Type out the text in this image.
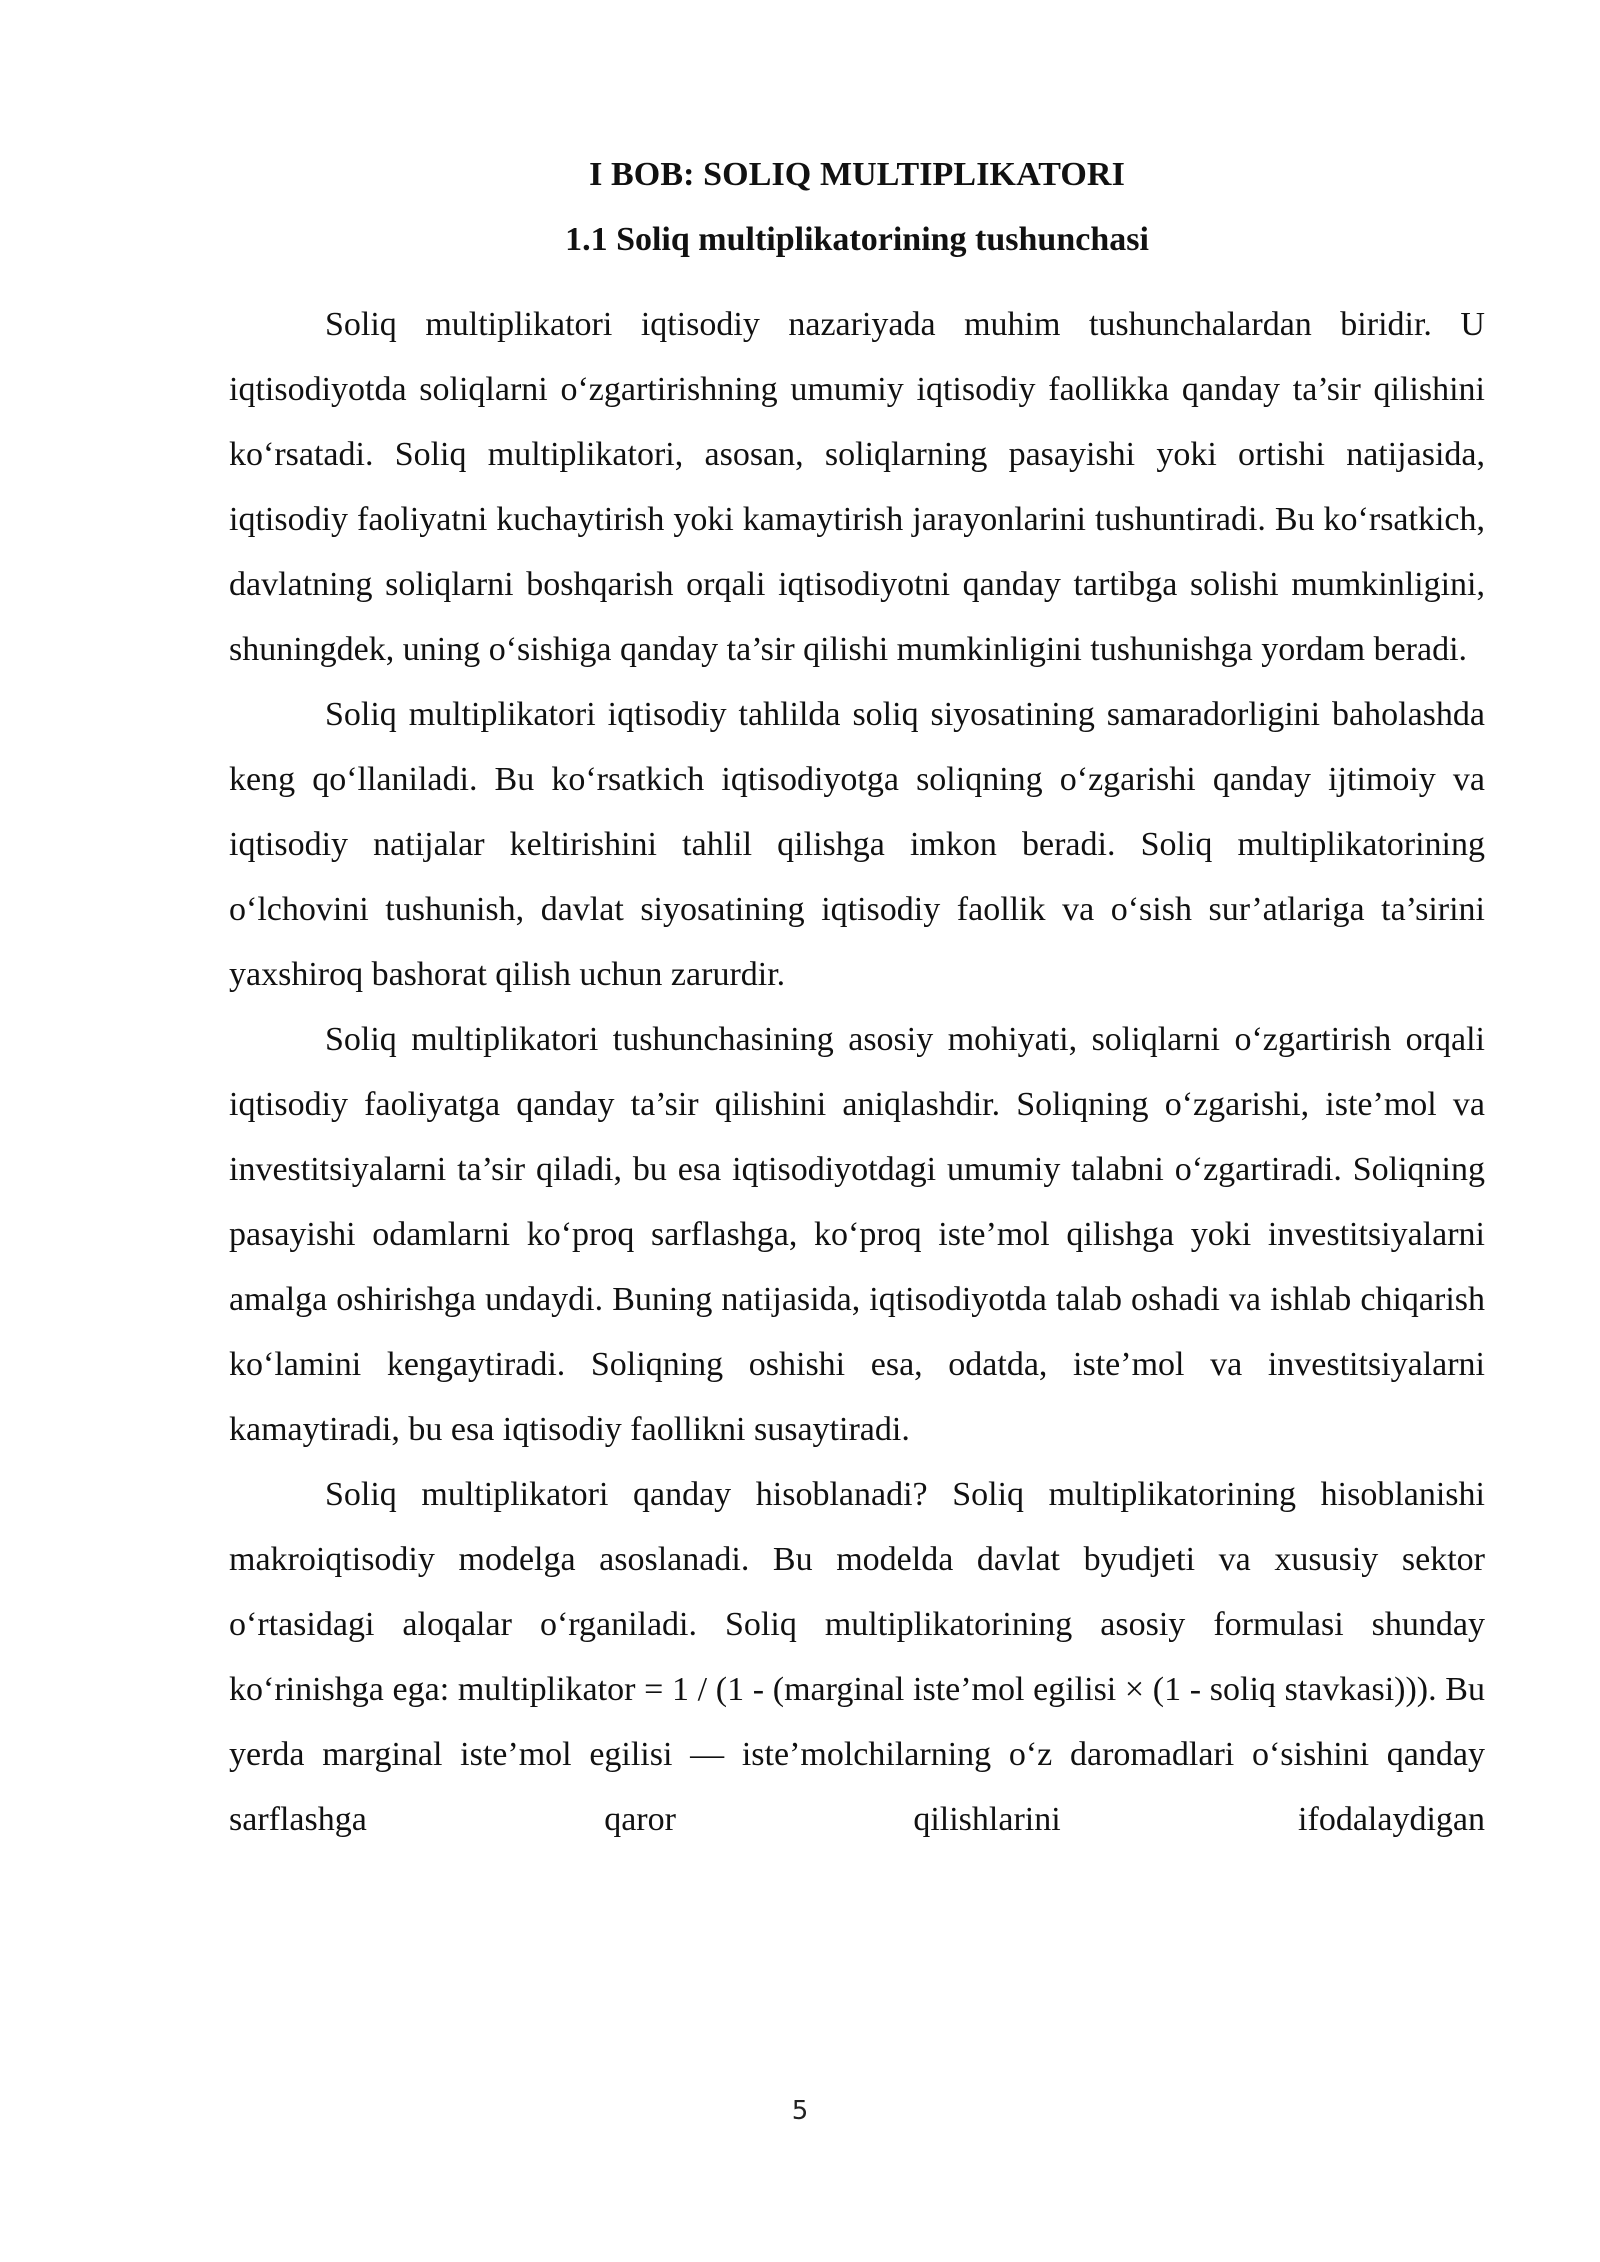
I BOB: SOLIQ MULTIPLIKATORI
1.1 Soliq multiplikatorining tushunchasi

Soliq multiplikatori iqtisodiy nazariyada muhim tushunchalardan biridir. U iqtisodiyotda soliqlarni o‘zgartirishning umumiy iqtisodiy faollikka qanday ta’sir qilishini ko‘rsatadi. Soliq multiplikatori, asosan, soliqlarning pasayishi yoki ortishi natijasida, iqtisodiy faoliyatni kuchaytirish yoki kamaytirish jarayonlarini tushuntiradi. Bu ko‘rsatkich, davlatning soliqlarni boshqarish orqali iqtisodiyotni qanday tartibga solishi mumkinligini, shuningdek, uning o‘sishiga qanday ta’sir qilishi mumkinligini tushunishga yordam beradi.

Soliq multiplikatori iqtisodiy tahlilda soliq siyosatining samaradorligini baholashda keng qo‘llaniladi. Bu ko‘rsatkich iqtisodiyotga soliqning o‘zgarishi qanday ijtimoiy va iqtisodiy natijalar keltirishini tahlil qilishga imkon beradi. Soliq multiplikatorining o‘lchovini tushunish, davlat siyosatining iqtisodiy faollik va o‘sish sur’atlariga ta’sirini yaxshiroq bashorat qilish uchun zarurdir.

Soliq multiplikatori tushunchasining asosiy mohiyati, soliqlarni o‘zgartirish orqali iqtisodiy faoliyatga qanday ta’sir qilishini aniqlashdir. Soliqning o‘zgarishi, iste’mol va investitsiyalarni ta’sir qiladi, bu esa iqtisodiyotdagi umumiy talabni o‘zgartiradi. Soliqning pasayishi odamlarni ko‘proq sarflashga, ko‘proq iste’mol qilishga yoki investitsiyalarni amalga oshirishga undaydi. Buning natijasida, iqtisodiyotda talab oshadi va ishlab chiqarish ko‘lamini kengaytiradi. Soliqning oshishi esa, odatda, iste’mol va investitsiyalarni kamaytiradi, bu esa iqtisodiy faollikni susaytiradi.

Soliq multiplikatori qanday hisoblanadi? Soliq multiplikatorining hisoblanishi makroiqtisodiy modelga asoslanadi. Bu modelda davlat byudjeti va xususiy sektor o‘rtasidagi aloqalar o‘rganiladi. Soliq multiplikatorining asosiy formulasi shunday ko‘rinishga ega: multiplikator = 1 / (1 - (marginal iste’mol egilisi × (1 - soliq stavkasi))). Bu yerda marginal iste’mol egilisi — iste’molchilarning o‘z daromadlari o‘sishini qanday sarflashga qaror qilishlarini ifodalaydigan

5
